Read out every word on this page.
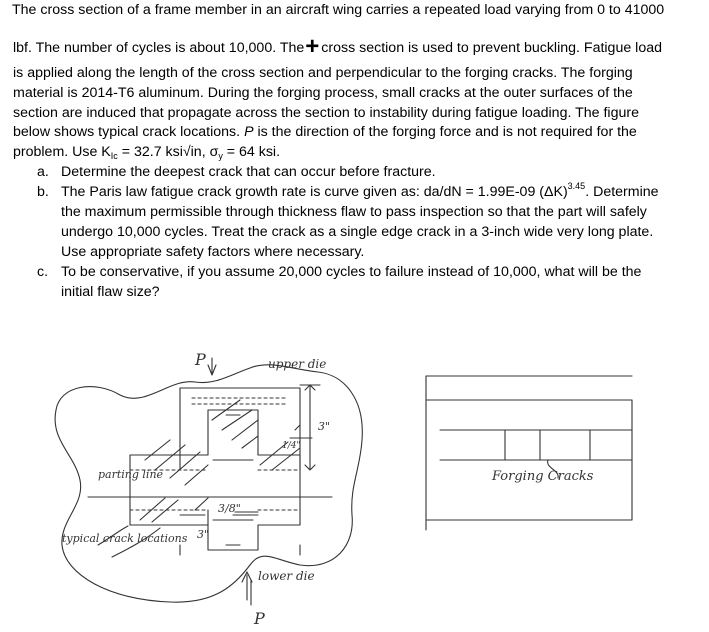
The cross section of a frame member in an aircraft wing carries a repeated load varying from 0 to 41000
lbf. The number of cycles is about 10,000. The+ cross section is used to prevent buckling. Fatigue load
is applied along the length of the cross section and perpendicular to the forging cracks. The forging
material is 2014-T6 aluminum. During the forging process, small cracks at the outer surfaces of the
section are induced that propagate across the section to instability during fatigue loading. The figure
below shows typical crack locations. P is the direction of the forging force and is not required for the
problem. Use $K_{Ic} = 32.7$ ksi√in, $\sigma_y = 64$ ksi.
a. Determine the deepest crack that can occur before fracture.
b. The Paris law fatigue crack growth rate is curve given as: da/dN = 1.99E-09 $(\Delta K)^{3.45}$. Determine
the maximum permissible through thickness flaw to pass inspection so that the part will safely
undergo 10,000 cycles. Treat the crack as a single edge crack in a 3-inch wide very long plate.
Use appropriate safety factors where necessary.
c. To be conservative, if you assume 20,000 cycles to failure instead of 10,000, what will be the
initial flaw size?
P	upper die
parting line
typical crack locations
3/8"
3"
3"
1/4"
lower die
P
Forging Cracks
